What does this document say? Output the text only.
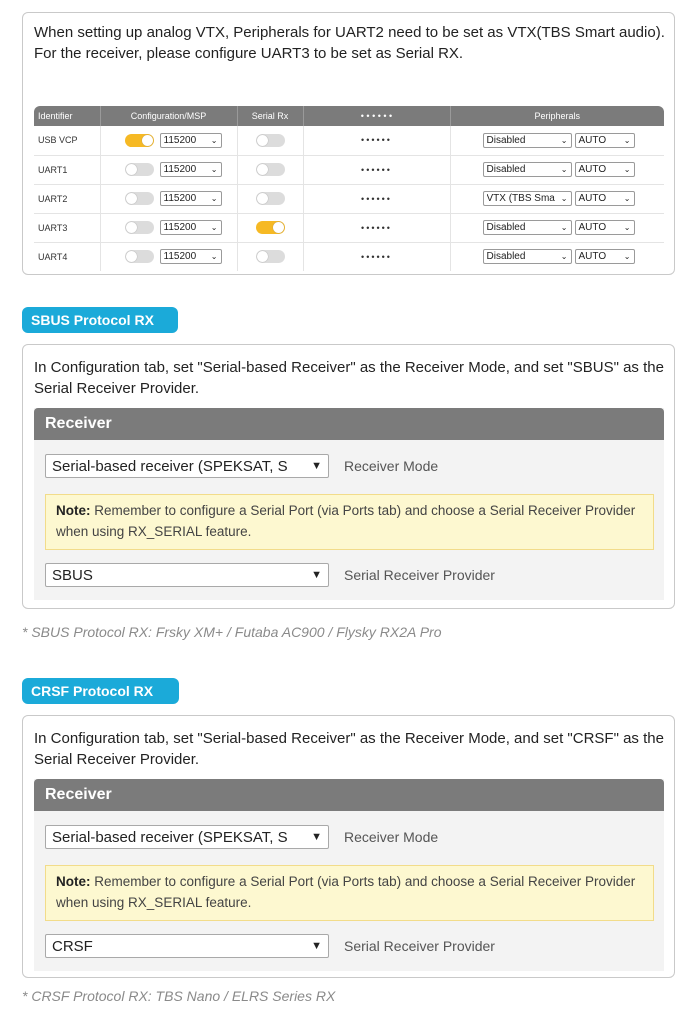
When setting up analog VTX, Peripherals for UART2 need to be set as VTX(TBS Smart audio).
For the receiver, please configure UART3 to be set as Serial RX.
Identifier	Configuration/MSP	Serial Rx	• • • • • •	Peripherals
USB VCP	115200 ⌄		••••••	Disabled ⌄ AUTO ⌄

UART1	115200 ⌄		••••••	Disabled ⌄ AUTO ⌄

UART2	115200 ⌄		••••••	VTX (TBS Sma ⌄ AUTO ⌄

UART3	115200 ⌄		••••••	Disabled ⌄ AUTO ⌄

UART4	115200 ⌄		••••••	Disabled ⌄ AUTO ⌄
SBUS Protocol RX
In Configuration tab, set "Serial-based Receiver" as the Receiver Mode, and set "SBUS" as the Serial Receiver Provider.
Receiver
Serial-based receiver (SPEKSAT, S ▼ Receiver Mode
Note: Remember to configure a Serial Port (via Ports tab) and choose a Serial Receiver Provider when using RX_SERIAL feature.
SBUS	▼ Serial Receiver Provider
* SBUS Protocol RX: Frsky XM+ / Futaba AC900 / Flysky RX2A Pro
CRSF Protocol RX
In Configuration tab, set "Serial-based Receiver" as the Receiver Mode, and set "CRSF" as the Serial Receiver Provider.
Receiver
Serial-based receiver (SPEKSAT, S ▼ Receiver Mode
Note: Remember to configure a Serial Port (via Ports tab) and choose a Serial Receiver Provider when using RX_SERIAL feature.
CRSF	▼ Serial Receiver Provider
* CRSF Protocol RX: TBS Nano / ELRS Series RX
